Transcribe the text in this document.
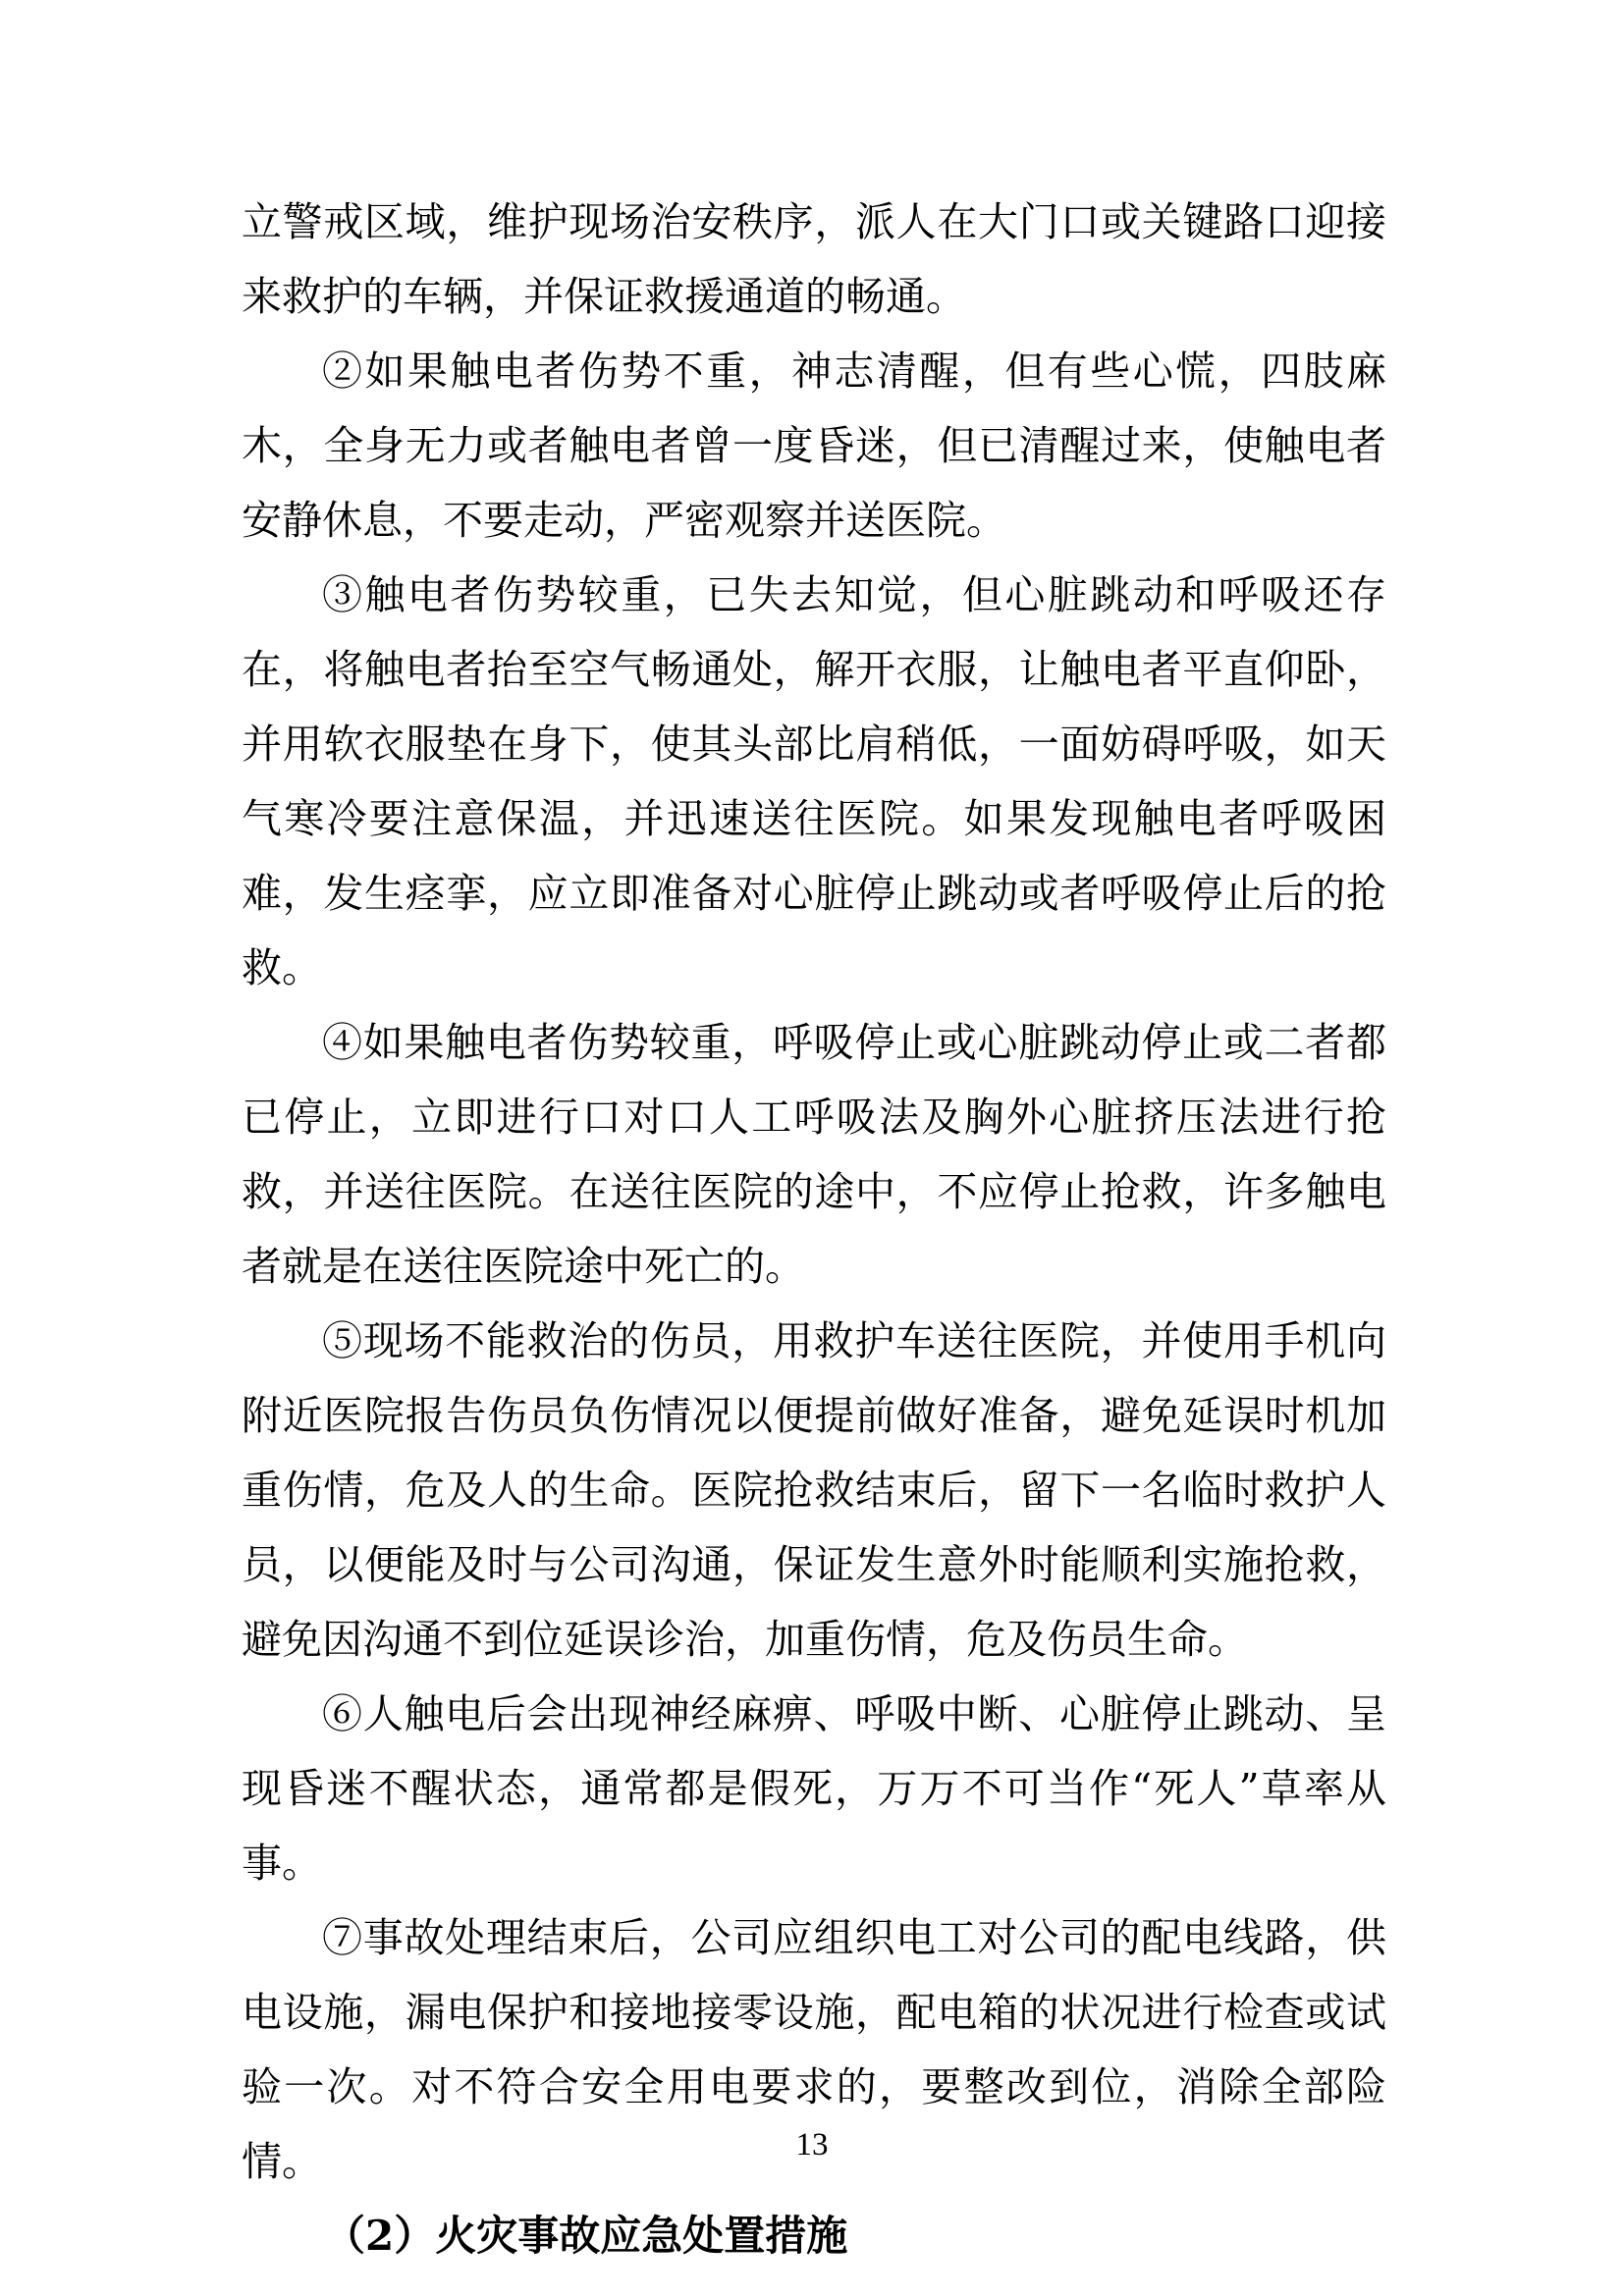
立警戒区域，维护现场治安秩序，派人在大门口或关键路口迎接来救护的车辆，并保证救援通道的畅通。

②如果触电者伤势不重，神志清醒，但有些心慌，四肢麻木，全身无力或者触电者曾一度昏迷，但已清醒过来，使触电者安静休息，不要走动，严密观察并送医院。

③触电者伤势较重，已失去知觉，但心脏跳动和呼吸还存在，将触电者抬至空气畅通处，解开衣服，让触电者平直仰卧，并用软衣服垫在身下，使其头部比肩稍低，一面妨碍呼吸，如天气寒冷要注意保温，并迅速送往医院。如果发现触电者呼吸困难，发生痉挛，应立即准备对心脏停止跳动或者呼吸停止后的抢救。

④如果触电者伤势较重，呼吸停止或心脏跳动停止或二者都已停止，立即进行口对口人工呼吸法及胸外心脏挤压法进行抢救，并送往医院。在送往医院的途中，不应停止抢救，许多触电者就是在送往医院途中死亡的。

⑤现场不能救治的伤员，用救护车送往医院，并使用手机向附近医院报告伤员负伤情况以便提前做好准备，避免延误时机加重伤情，危及人的生命。医院抢救结束后，留下一名临时救护人员，以便能及时与公司沟通，保证发生意外时能顺利实施抢救，避免因沟通不到位延误诊治，加重伤情，危及伤员生命。

⑥人触电后会出现神经麻痹、呼吸中断、心脏停止跳动、呈现昏迷不醒状态，通常都是假死，万万不可当作“死人”草率从事。

⑦事故处理结束后，公司应组织电工对公司的配电线路，供电设施，漏电保护和接地接零设施，配电箱的状况进行检查或试验一次。对不符合安全用电要求的，要整改到位，消除全部险情。

（2）火灾事故应急处置措施

13
